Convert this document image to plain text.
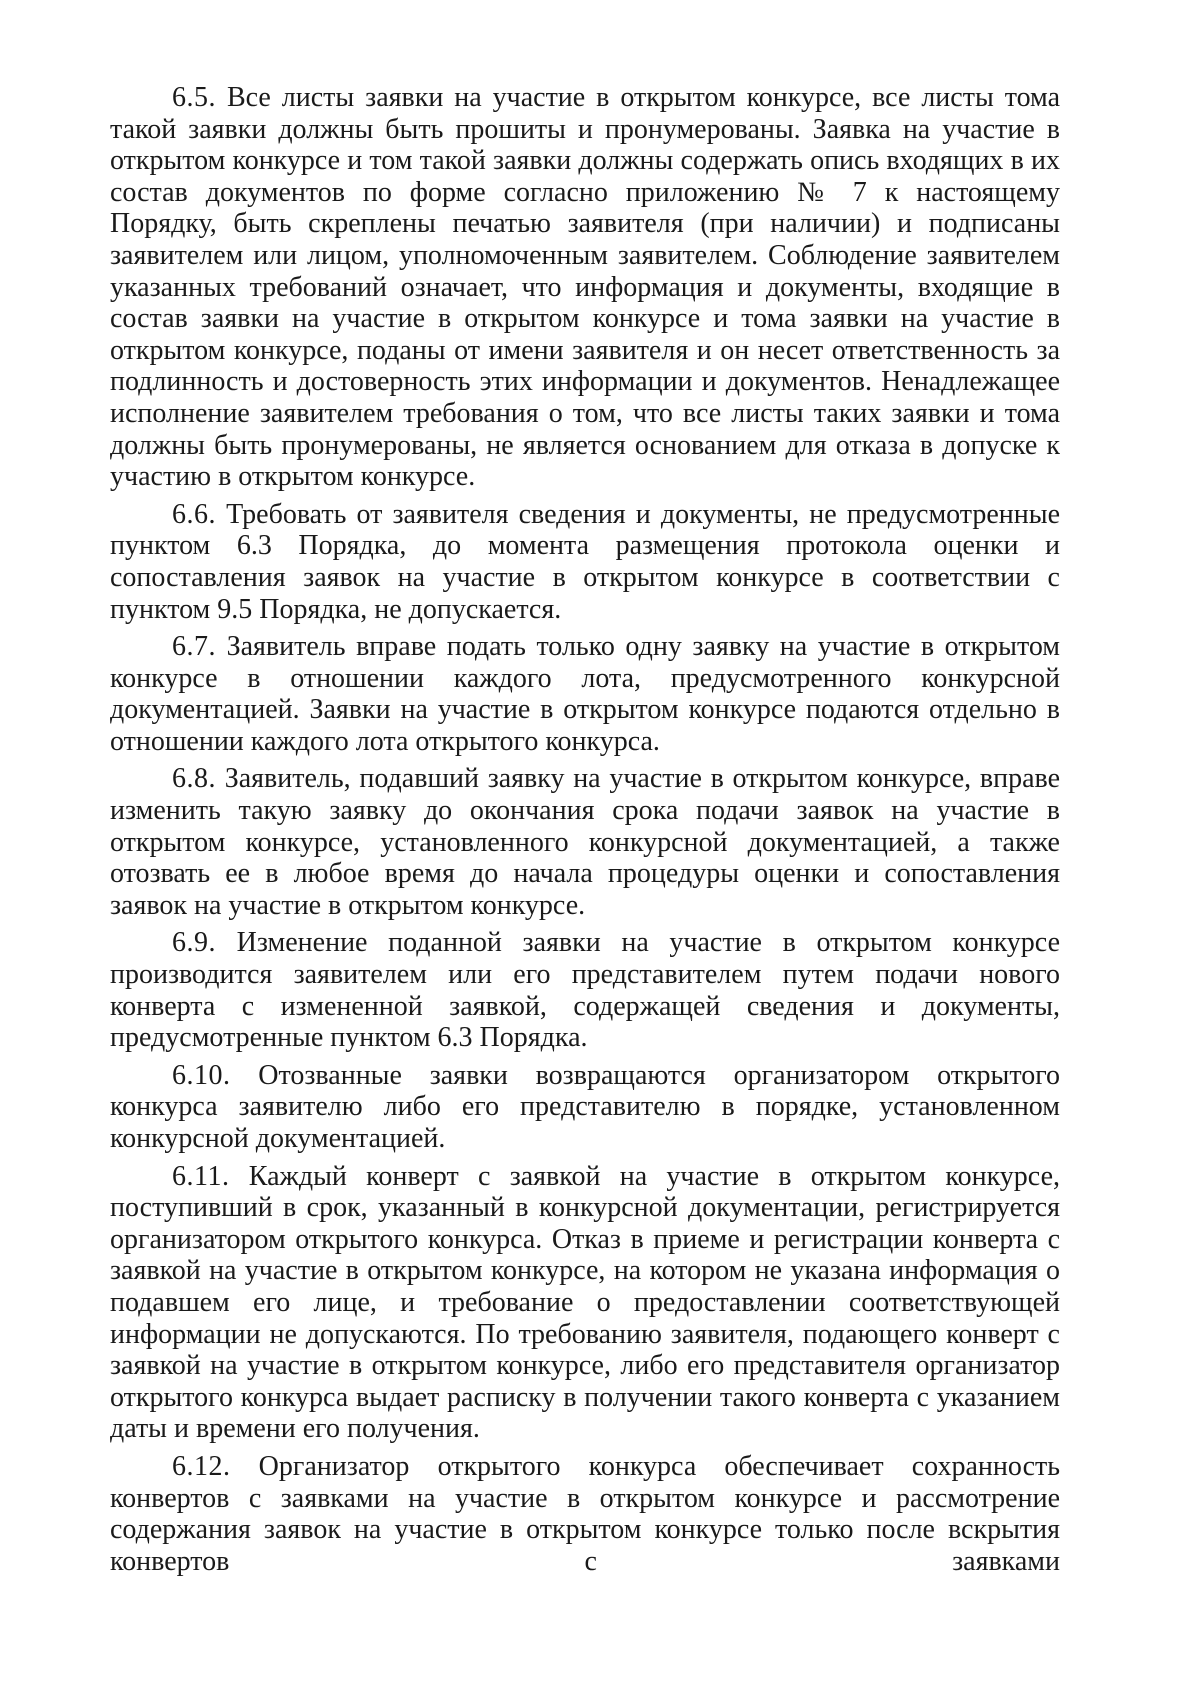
6.5. Все листы заявки на участие в открытом конкурсе, все листы тома такой заявки должны быть прошиты и пронумерованы. Заявка на участие в открытом конкурсе и том такой заявки должны содержать опись входящих в их состав документов по форме согласно приложению № 7 к настоящему Порядку, быть скреплены печатью заявителя (при наличии) и подписаны заявителем или лицом, уполномоченным заявителем. Соблюдение заявителем указанных требований означает, что информация и документы, входящие в состав заявки на участие в открытом конкурсе и тома заявки на участие в открытом конкурсе, поданы от имени заявителя и он несет ответственность за подлинность и достоверность этих информации и документов. Ненадлежащее исполнение заявителем требования о том, что все листы таких заявки и тома должны быть пронумерованы, не является основанием для отказа в допуске к участию в открытом конкурсе.

6.6. Требовать от заявителя сведения и документы, не предусмотренные пунктом 6.3 Порядка, до момента размещения протокола оценки и сопоставления заявок на участие в открытом конкурсе в соответствии с пунктом 9.5 Порядка, не допускается.

6.7. Заявитель вправе подать только одну заявку на участие в открытом конкурсе в отношении каждого лота, предусмотренного конкурсной документацией. Заявки на участие в открытом конкурсе подаются отдельно в отношении каждого лота открытого конкурса.

6.8. Заявитель, подавший заявку на участие в открытом конкурсе, вправе изменить такую заявку до окончания срока подачи заявок на участие в открытом конкурсе, установленного конкурсной документацией, а также отозвать ее в любое время до начала процедуры оценки и сопоставления заявок на участие в открытом конкурсе.

6.9. Изменение поданной заявки на участие в открытом конкурсе производится заявителем или его представителем путем подачи нового конверта с измененной заявкой, содержащей сведения и документы, предусмотренные пунктом 6.3 Порядка.

6.10. Отозванные заявки возвращаются организатором открытого конкурса заявителю либо его представителю в порядке, установленном конкурсной документацией.

6.11. Каждый конверт с заявкой на участие в открытом конкурсе, поступивший в срок, указанный в конкурсной документации, регистрируется организатором открытого конкурса. Отказ в приеме и регистрации конверта с заявкой на участие в открытом конкурсе, на котором не указана информация о подавшем его лице, и требование о предоставлении соответствующей информации не допускаются. По требованию заявителя, подающего конверт с заявкой на участие в открытом конкурсе, либо его представителя организатор открытого конкурса выдает расписку в получении такого конверта с указанием даты и времени его получения.

6.12. Организатор открытого конкурса обеспечивает сохранность конвертов с заявками на участие в открытом конкурсе и рассмотрение содержания заявок на участие в открытом конкурсе только после вскрытия конвертов с заявками
